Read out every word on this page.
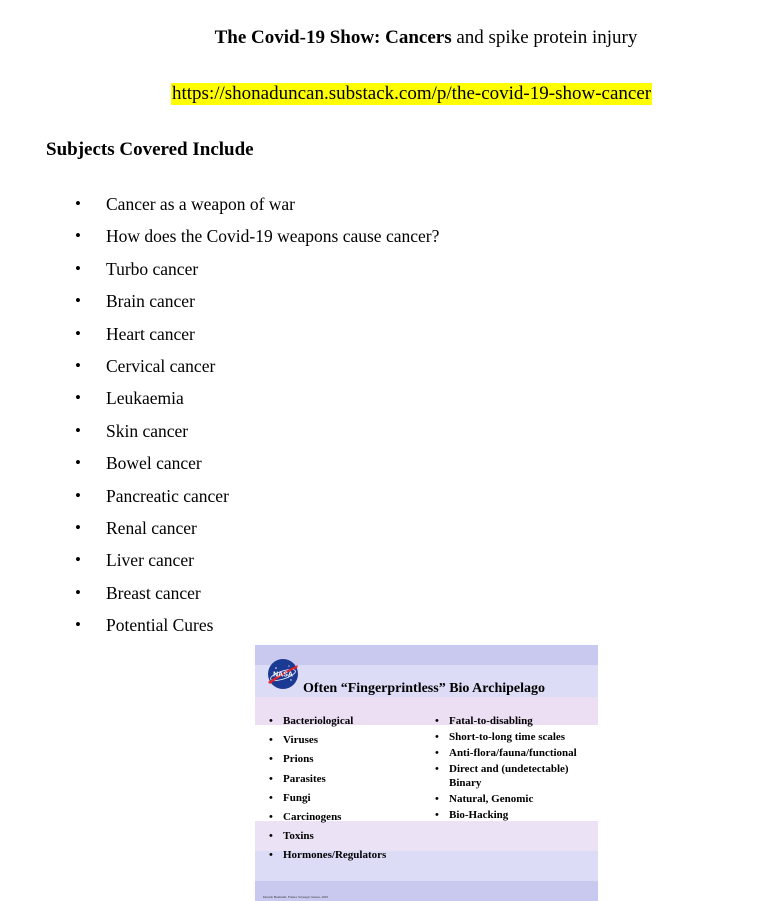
The Covid-19 Show: Cancers and spike protein injury
https://shonaduncan.substack.com/p/the-covid-19-show-cancer
Subjects Covered Include
• Cancer as a weapon of war
• How does the Covid-19 weapons cause cancer?
• Turbo cancer
• Brain cancer
• Heart cancer
• Cervical cancer
• Leukaemia
• Skin cancer
• Bowel cancer
• Pancreatic cancer
• Renal cancer
• Liver cancer
• Breast cancer
• Potential Cures
NASA
Often “Fingerprintless” Bio Archipelago
• Bacteriological
• Viruses
• Prions
• Parasites
• Fungi
• Carcinogens
• Toxins
• Hormones/Regulators
• Fatal-to-disabling
• Short-to-long time scales
• Anti-flora/fauna/functional
• Direct and (undetectable) Binary
• Natural, Genomic
• Bio-Hacking
Dennis Bushnell, Future Strategic Issues, 2001
